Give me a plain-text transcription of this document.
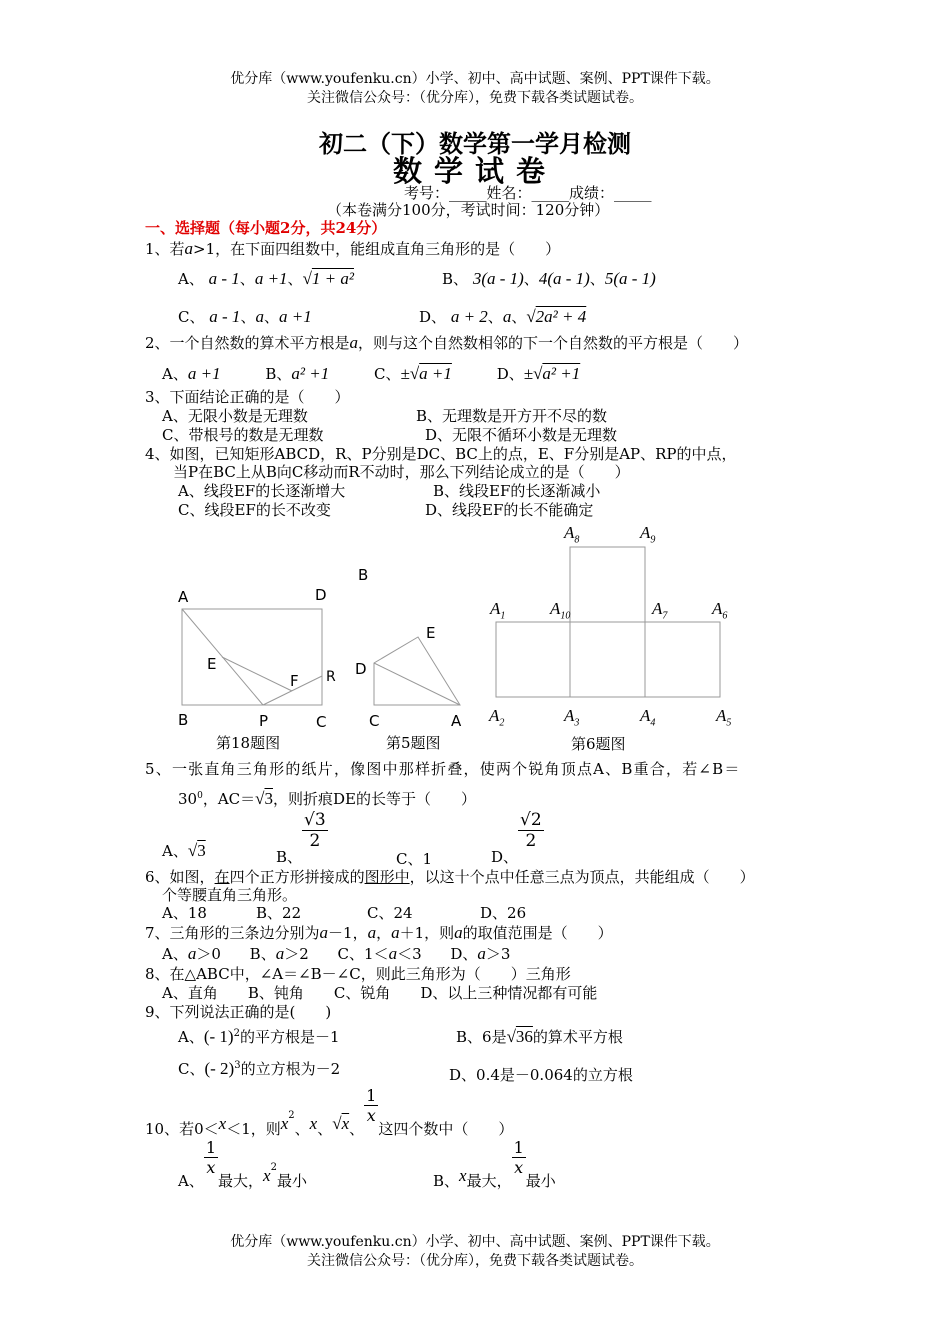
优分库（www.youfenku.cn）小学、初中、高中试题、案例、PPT课件下载。
关注微信公众号：（优分库），免费下载各类试题试卷。
初二（下）数学第一学月检测
数学试卷
考号：_____姓名：_____成绩：_____
（本卷满分100分，考试时间：120分钟）
一、选择题（每小题2分，共24分）
1、若a>1，在下面四组数中，能组成直角三角形的是（　　）
A、 a - 1、a +1、√1 + a²	B、 3(a - 1)、4(a - 1)、5(a - 1)
C、 a - 1、a、a +1	D、 a + 2、a、√2a² + 4
2、一个自然数的算术平方根是a，则与这个自然数相邻的下一个自然数的平方根是（　　）
A、a +1	B、a² +1	C、±√a +1	D、±√a² +1
3、下面结论正确的是（　　）
A、无限小数是无理数	B、无理数是开方开不尽的数
C、带根号的数是无理数	D、无限不循环小数是无理数
4、如图，已知矩形ABCD，R、P分别是DC、BC上的点，E、F分别是AP、RP的中点，
当P在BC上从B向C移动而R不动时，那么下列结论成立的是（　　）
A、线段EF的长逐渐增大	B、线段EF的长逐渐减小
C、线段EF的长不改变	D、线段EF的长不能确定
A	D
E
F R
B	P	C
第18题图
B
E
D
C	A
第5题图
$A_8$	$A_9$
$A_1$	$A_{10}$	$A_7$	$A_6$
$A_2$	$A_3$	$A_4$	$A_5$
第6题图
5、一张直角三角形的纸片，像图中那样折叠，使两个锐角顶点A、B重合，若∠B＝
$30^0$，AC＝√3，则折痕DE的长等于（　　）
A、√3	B、
$\frac{√3}{2}$
C、1	D、
$\frac{√2}{2}$
6、如图，在四个正方形拼接成的图形中，以这十个点中任意三点为顶点，共能组成（　　）
个等腰直角三角形。
A、18	B、22	C、24	D、26
7、三角形的三条边分别为a－1，a，a＋1，则a的取值范围是（　　）
A、a＞0 B、a＞2 C、1＜a＜3 D、a＞3
8、在△ABC中，∠A＝∠B－∠C，则此三角形为（　　）三角形
A、直角　　B、钝角　　C、锐角　　D、以上三种情况都有可能
9、下列说法正确的是(　　)
A、(- 1)$^2$的平方根是－1	B、6是√36的算术平方根
C、(- 2)$^3$的立方根为－2	D、0.4是－0.064的立方根
10、若0＜x＜1，则$x^2$、x、√x、
$\frac{1}{x}$
这四个数中（　　）
A、
$\frac{1}{x}$
最大，$x^2$最小	B、x最大，
$\frac{1}{x}$
最小
优分库（www.youfenku.cn）小学、初中、高中试题、案例、PPT课件下载。
关注微信公众号：（优分库），免费下载各类试题试卷。
